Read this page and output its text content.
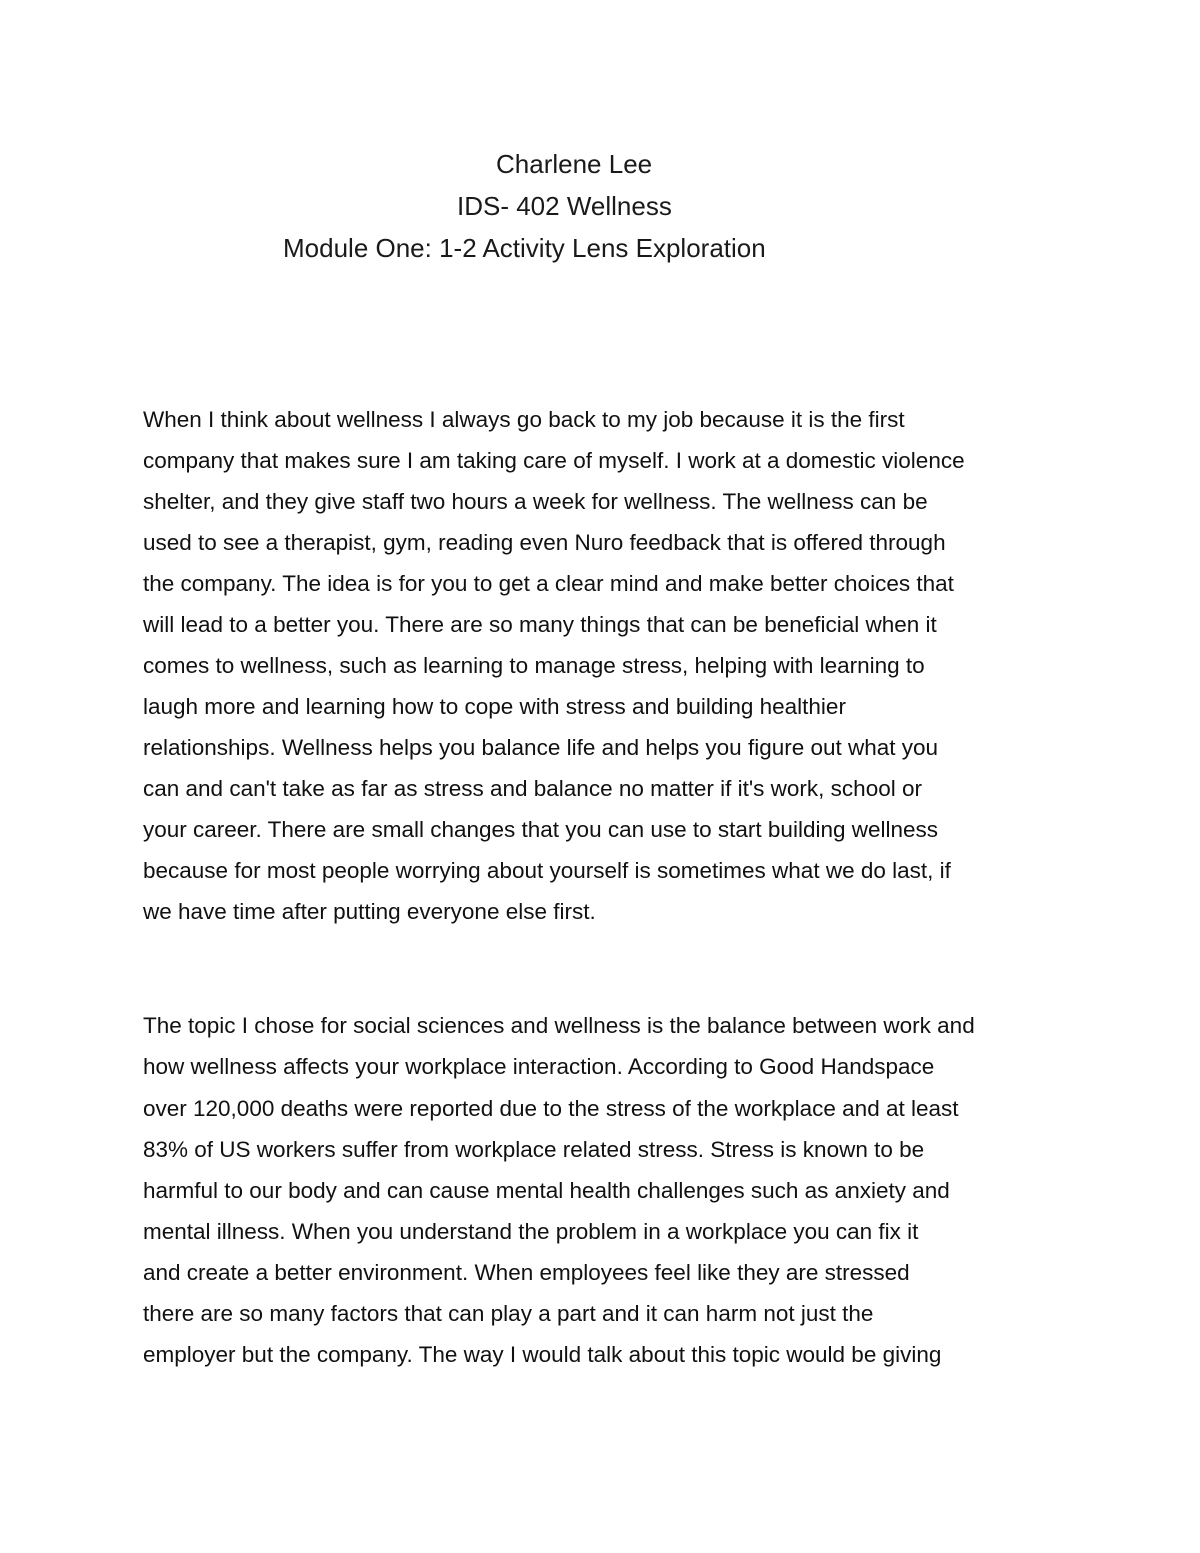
Charlene Lee
IDS- 402 Wellness
Module One: 1-2 Activity Lens Exploration
When I think about wellness I always go back to my job because it is the first
company that makes sure I am taking care of myself. I work at a domestic violence
shelter, and they give staff two hours a week for wellness. The wellness can be
used to see a therapist, gym, reading even Nuro feedback that is offered through
the company. The idea is for you to get a clear mind and make better choices that
will lead to a better you. There are so many things that can be beneficial when it
comes to wellness, such as learning to manage stress, helping with learning to
laugh more and learning how to cope with stress and building healthier
relationships. Wellness helps you balance life and helps you figure out what you
can and can't take as far as stress and balance no matter if it's work, school or
your career. There are small changes that you can use to start building wellness
because for most people worrying about yourself is sometimes what we do last, if
we have time after putting everyone else first.
The topic I chose for social sciences and wellness is the balance between work and
how wellness affects your workplace interaction. According to Good Handspace
over 120,000 deaths were reported due to the stress of the workplace and at least
83% of US workers suffer from workplace related stress. Stress is known to be
harmful to our body and can cause mental health challenges such as anxiety and
mental illness. When you understand the problem in a workplace you can fix it
and create a better environment. When employees feel like they are stressed
there are so many factors that can play a part and it can harm not just the
employer but the company. The way I would talk about this topic would be giving
